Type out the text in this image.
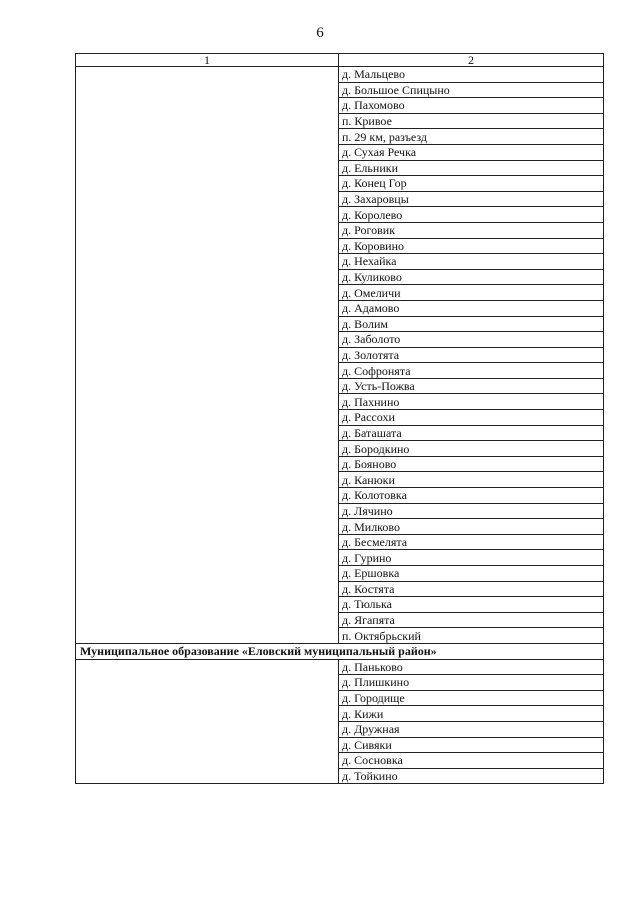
6
1	2
	д. Мальцево
	д. Большое Спицыно
	д. Пахомово
	п. Кривое
	п. 29 км, разъезд
	д. Сухая Речка
	д. Ельники
	д. Конец Гор
	д. Захаровцы
	д. Королево
	д. Роговик
	д. Коровино
	д. Нехайка
	д. Куликово
	д. Омеличи
	д. Адамово
	д. Волим
	д. Заболото
	д. Золотята
	д. Софронята
	д. Усть-Пожва
	д. Пахнино
	д. Рассохи
	д. Баташата
	д. Бородкино
	д. Бояново
	д. Канюки
	д. Колотовка
	д. Лячино
	д. Милково
	д. Бесмелята
	д. Гурино
	д. Ершовка
	д. Костята
	д. Тюлька
	д. Ягапята
	п. Октябрьский
Муниципальное образование «Еловский муниципальный район»	
	д. Паньково
	д. Плишкино
	д. Городище
	д. Кижи
	д. Дружная
	д. Сивяки
	д. Сосновка
	д. Тойкино
